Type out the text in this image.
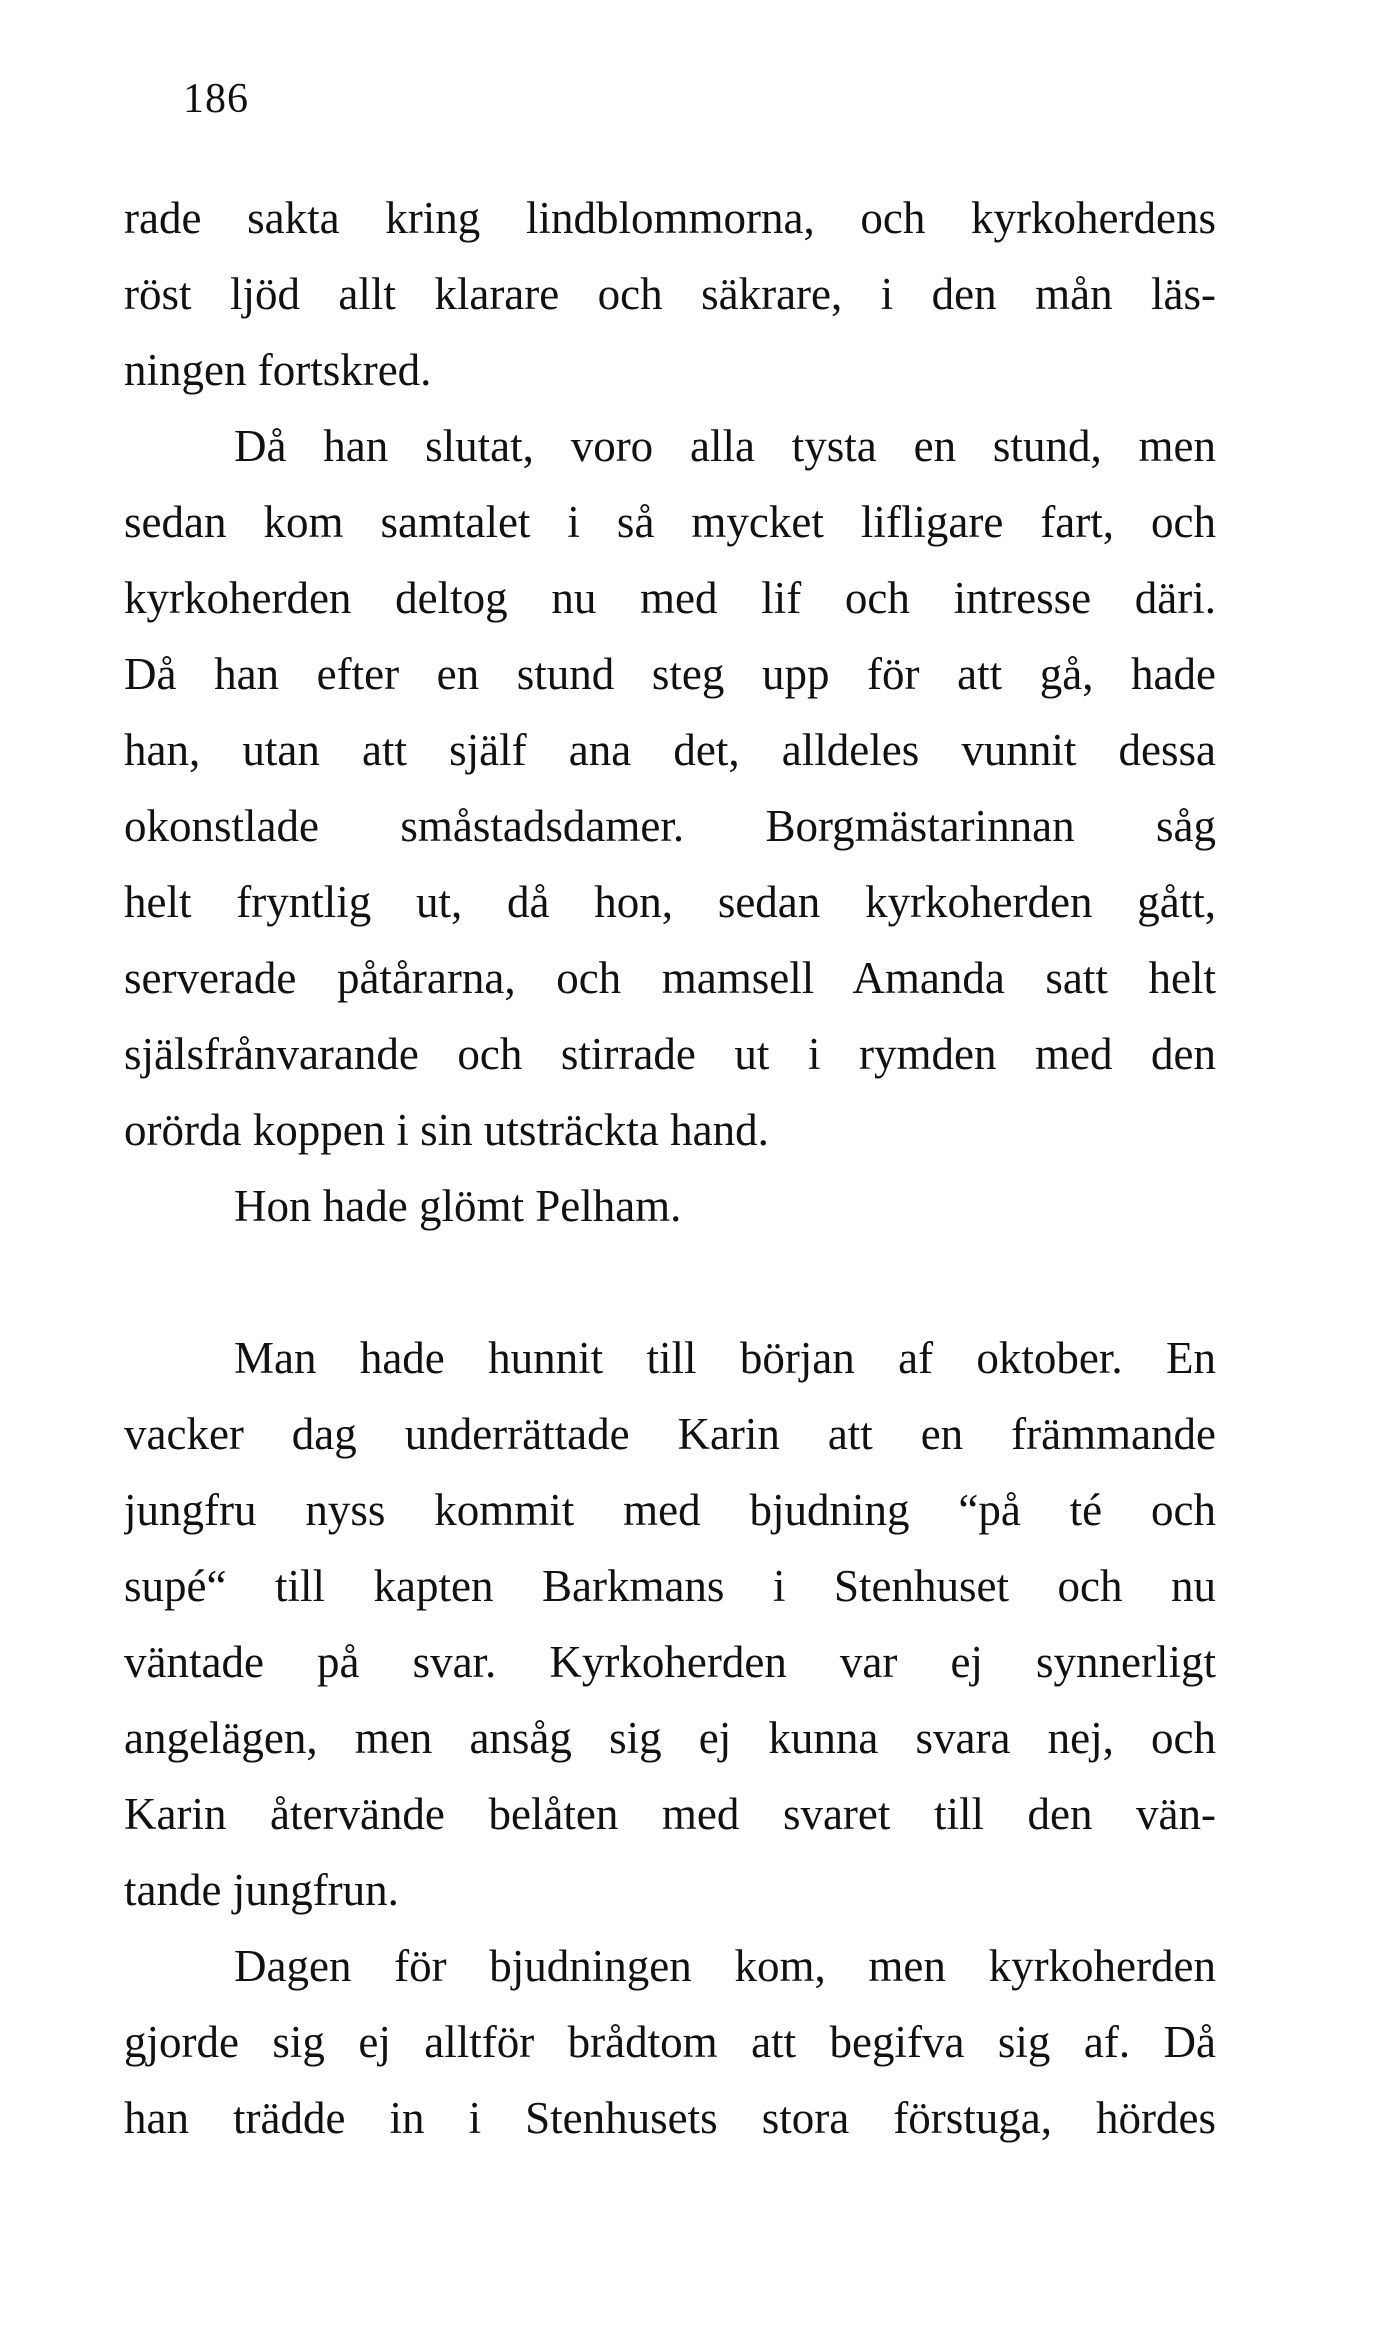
186
rade sakta kring lindblommorna, och kyrkoherdens
röst ljöd allt klarare och säkrare, i den mån läs-
ningen fortskred.
Då han slutat, voro alla tysta en stund, men
sedan kom samtalet i så mycket lifligare fart, och
kyrkoherden deltog nu med lif och intresse däri.
Då han efter en stund steg upp för att gå, hade
han, utan att själf ana det, alldeles vunnit dessa
okonstlade småstadsdamer. Borgmästarinnan såg
helt fryntlig ut, då hon, sedan kyrkoherden gått,
serverade påtårarna, och mamsell Amanda satt helt
själsfrånvarande och stirrade ut i rymden med den
orörda koppen i sin utsträckta hand.
Hon hade glömt Pelham.
Man hade hunnit till början af oktober. En
vacker dag underrättade Karin att en främmande
jungfru nyss kommit med bjudning “på té och
supé“ till kapten Barkmans i Stenhuset och nu
väntade på svar. Kyrkoherden var ej synnerligt
angelägen, men ansåg sig ej kunna svara nej, och
Karin återvände belåten med svaret till den vän-
tande jungfrun.
Dagen för bjudningen kom, men kyrkoherden
gjorde sig ej alltför brådtom att begifva sig af. Då
han trädde in i Stenhusets stora förstuga, hördes
